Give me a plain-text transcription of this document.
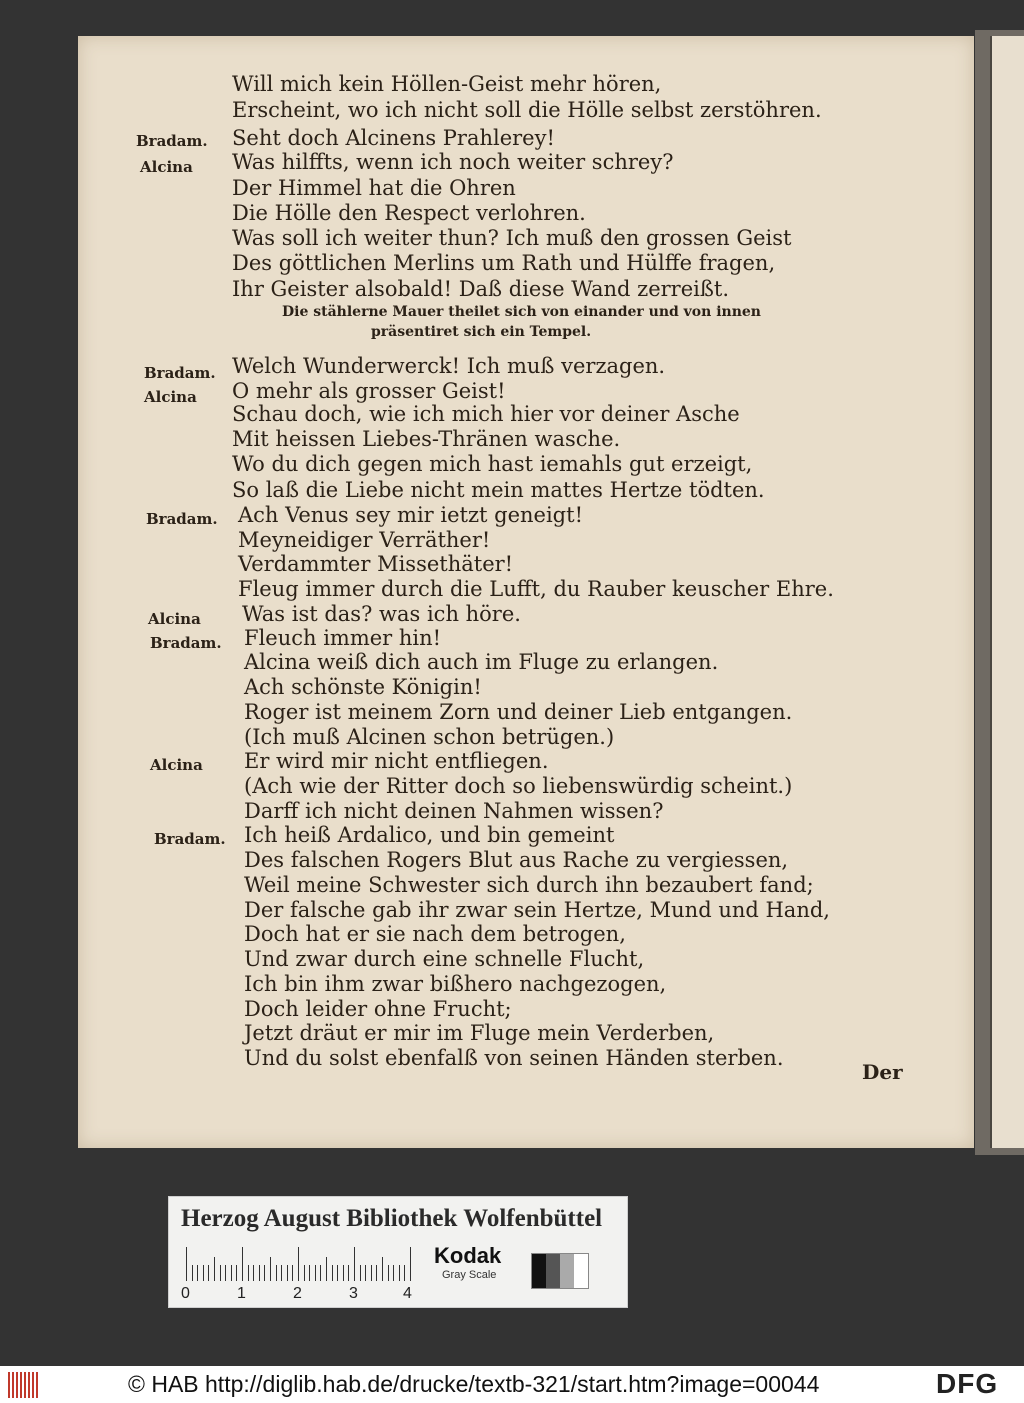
Will mich kein Höllen-Geist mehr hören,
Erscheint, wo ich nicht soll die Hölle selbst zerstöhren.
Bradam. Seht doch Alcinens Prahlerey!
Alcina Was hilffts, wenn ich noch weiter schrey?
Der Himmel hat die Ohren
Die Hölle den Respect verlohren.
Was soll ich weiter thun? Ich muß den grossen Geist
Des göttlichen Merlins um Rath und Hülffe fragen,
Ihr Geister alsobald! Daß diese Wand zerreißt.
Die stählerne Mauer theilet sich von einander und von innen
präsentiret sich ein Tempel.
Bradam. Welch Wunderwerck! Ich muß verzagen.
Alcina O mehr als grosser Geist!
Schau doch, wie ich mich hier vor deiner Asche
Mit heissen Liebes-Thränen wasche.
Wo du dich gegen mich hast iemahls gut erzeigt,
So laß die Liebe nicht mein mattes Hertze tödten.
Bradam. Ach Venus sey mir ietzt geneigt!
Meyneidiger Verräther!
Verdammter Missethäter!
Fleug immer durch die Lufft, du Rauber keuscher Ehre.
Alcina Was ist das? was ich höre.
Bradam. Fleuch immer hin!
Alcina weiß dich auch im Fluge zu erlangen.
Ach schönste Königin!
Roger ist meinem Zorn und deiner Lieb entgangen.
(Ich muß Alcinen schon betrügen.)
Alcina Er wird mir nicht entfliegen.
(Ach wie der Ritter doch so liebenswürdig scheint.)
Darff ich nicht deinen Nahmen wissen?
Bradam. Ich heiß Ardalico, und bin gemeint
Des falschen Rogers Blut aus Rache zu vergiessen,
Weil meine Schwester sich durch ihn bezaubert fand;
Der falsche gab ihr zwar sein Hertze, Mund und Hand,
Doch hat er sie nach dem betrogen,
Und zwar durch eine schnelle Flucht,
Ich bin ihm zwar bißhero nachgezogen,
Doch leider ohne Frucht;
Jetzt dräut er mir im Fluge mein Verderben,
Und du solst ebenfalß von seinen Händen sterben.
Der
Herzog August Bibliothek Wolfenbüttel
0	1	2	3	4
Kodak
Gray Scale
© HAB http://diglib.hab.de/drucke/textb-321/start.htm?image=00044	DFG
